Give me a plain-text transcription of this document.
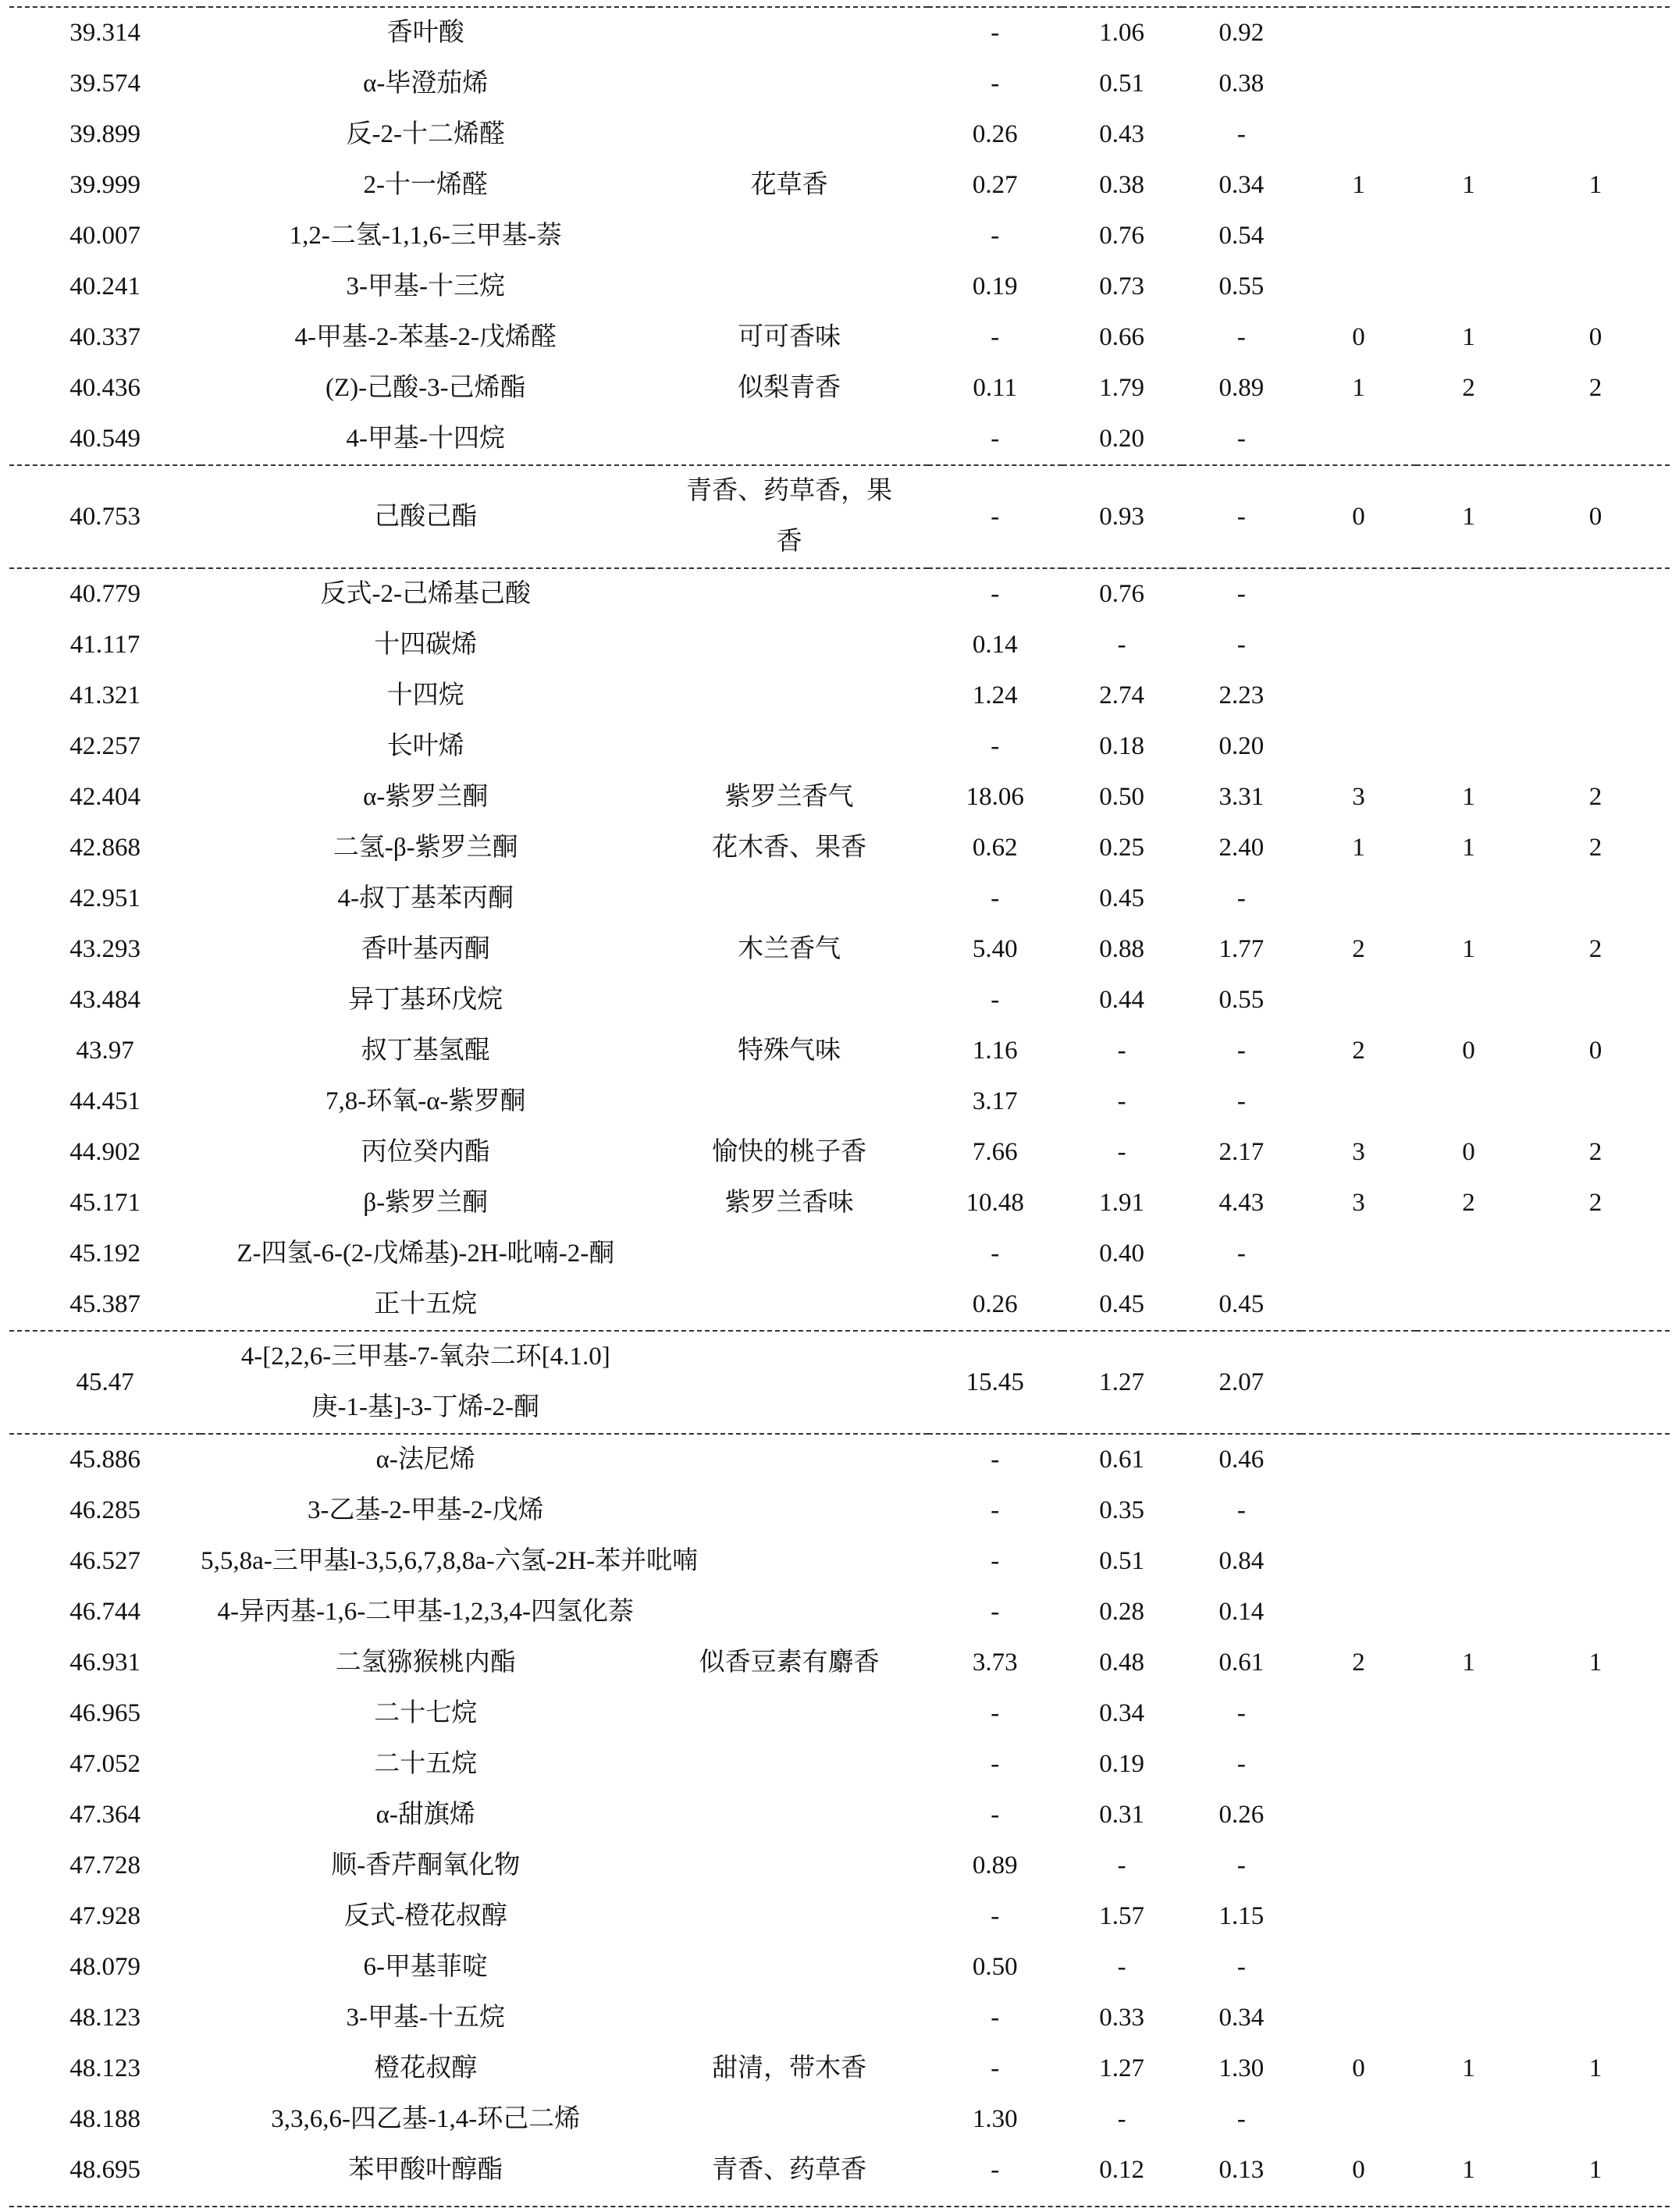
39.314	香叶酸		-	1.06	0.92			
39.574	α-毕澄茄烯		-	0.51	0.38			
39.899	反-2-十二烯醛		0.26	0.43	-			
39.999	2-十一烯醛	花草香	0.27	0.38	0.34	1	1	1
40.007	1,2-二氢-1,1,6-三甲基-萘		-	0.76	0.54			
40.241	3-甲基-十三烷		0.19	0.73	0.55			
40.337	4-甲基-2-苯基-2-戊烯醛	可可香味	-	0.66	-	0	1	0
40.436	(Z)-己酸-3-己烯酯	似梨青香	0.11	1.79	0.89	1	2	2
40.549	4-甲基-十四烷		-	0.20	-			
40.753	己酸己酯	青香、药草香，果香	-	0.93	-	0	1	0
40.779	反式-2-己烯基己酸		-	0.76	-			
41.117	十四碳烯		0.14	-	-			
41.321	十四烷		1.24	2.74	2.23			
42.257	长叶烯		-	0.18	0.20			
42.404	α-紫罗兰酮	紫罗兰香气	18.06	0.50	3.31	3	1	2
42.868	二氢-β-紫罗兰酮	花木香、果香	0.62	0.25	2.40	1	1	2
42.951	4-叔丁基苯丙酮		-	0.45	-			
43.293	香叶基丙酮	木兰香气	5.40	0.88	1.77	2	1	2
43.484	异丁基环戊烷		-	0.44	0.55			
43.97	叔丁基氢醌	特殊气味	1.16	-	-	2	0	0
44.451	7,8-环氧-α-紫罗酮		3.17	-	-			
44.902	丙位癸内酯	愉快的桃子香	7.66	-	2.17	3	0	2
45.171	β-紫罗兰酮	紫罗兰香味	10.48	1.91	4.43	3	2	2
45.192	Z-四氢-6-(2-戊烯基)-2H-吡喃-2-酮		-	0.40	-			
45.387	正十五烷		0.26	0.45	0.45			
45.47	4-[2,2,6-三甲基-7-氧杂二环[4.1.0]庚-1-基]-3-丁烯-2-酮		15.45	1.27	2.07			
45.886	α-法尼烯		-	0.61	0.46			
46.285	3-乙基-2-甲基-2-戊烯		-	0.35	-			
46.527	5,5,8a-三甲基l-3,5,6,7,8,8a-六氢-2H-苯并吡喃		-	0.51	0.84			
46.744	4-异丙基-1,6-二甲基-1,2,3,4-四氢化萘		-	0.28	0.14			
46.931	二氢猕猴桃内酯	似香豆素有麝香	3.73	0.48	0.61	2	1	1
46.965	二十七烷		-	0.34	-			
47.052	二十五烷		-	0.19	-			
47.364	α-甜旗烯		-	0.31	0.26			
47.728	顺-香芹酮氧化物		0.89	-	-			
47.928	反式-橙花叔醇		-	1.57	1.15			
48.079	6-甲基菲啶		0.50	-	-			
48.123	3-甲基-十五烷		-	0.33	0.34			
48.123	橙花叔醇	甜清，带木香	-	1.27	1.30	0	1	1
48.188	3,3,6,6-四乙基-1,4-环己二烯		1.30	-	-			
48.695	苯甲酸叶醇酯	青香、药草香	-	0.12	0.13	0	1	1
